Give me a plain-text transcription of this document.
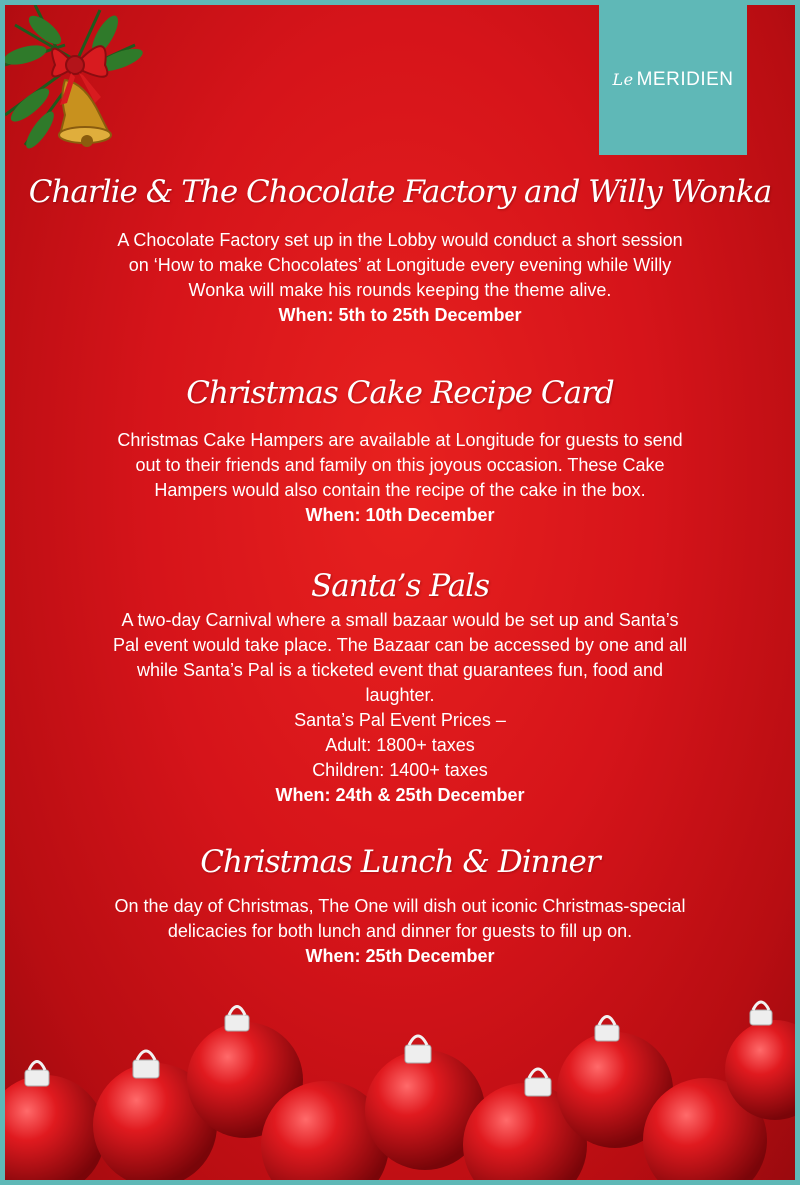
Le MERIDIEN
Charlie & The Chocolate Factory and Willy Wonka

A Chocolate Factory set up in the Lobby would conduct a short session

on ‘How to make Chocolates’ at Longitude every evening while Willy

Wonka will make his rounds keeping the theme alive.

When: 5th to 25th December

Christmas Cake Recipe Card

Christmas Cake Hampers are available at Longitude for guests to send

out to their friends and family on this joyous occasion. These Cake

Hampers would also contain the recipe of the cake in the box.

When: 10th December

Santa’s Pals

A two-day Carnival where a small bazaar would be set up and Santa’s

Pal event would take place. The Bazaar can be accessed by one and all

while Santa’s Pal is a ticketed event that guarantees fun, food and

laughter.

Santa’s Pal Event Prices –

Adult: 1800+ taxes

Children: 1400+ taxes

When: 24th & 25th December

Christmas Lunch & Dinner

On the day of Christmas, The One will dish out iconic Christmas-special

delicacies for both lunch and dinner for guests to fill up on.

When: 25th December
